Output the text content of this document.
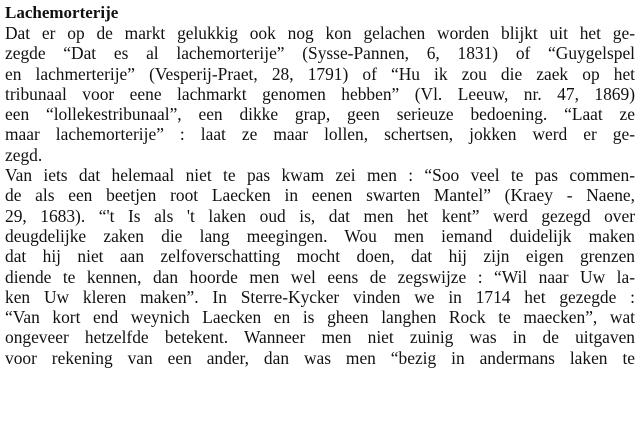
Lachemorterije
Dat er op de markt gelukkig ook nog kon gelachen worden blijkt uit het ge-
zegde “Dat es al lachemorterije” (Sysse-Pannen, 6, 1831) of “Guygelspel
en lachmerterije” (Vesperij-Praet, 28, 1791) of “Hu ik zou die zaek op het
tribunaal voor eene lachmarkt genomen hebben” (Vl. Leeuw, nr. 47, 1869)
een “lollekestribunaal”, een dikke grap, geen serieuze bedoening. “Laat ze
maar lachemorterije” : laat ze maar lollen, schertsen, jokken werd er ge-
zegd.
Van iets dat helemaal niet te pas kwam zei men : “Soo veel te pas commen-
de als een beetjen root Laecken in eenen swarten Mantel” (Kraey - Naene,
29, 1683). “'t Is als 't laken oud is, dat men het kent” werd gezegd over
deugdelijke zaken die lang meegingen. Wou men iemand duidelijk maken
dat hij niet aan zelfoverschatting mocht doen, dat hij zijn eigen grenzen
diende te kennen, dan hoorde men wel eens de zegswijze : “Wil naar Uw la-
ken Uw kleren maken”. In Sterre-Kycker vinden we in 1714 het gezegde :
“Van kort end weynich Laecken en is gheen langhen Rock te maecken”, wat
ongeveer hetzelfde betekent. Wanneer men niet zuinig was in de uitgaven
voor rekening van een ander, dan was men “bezig in andermans laken te
